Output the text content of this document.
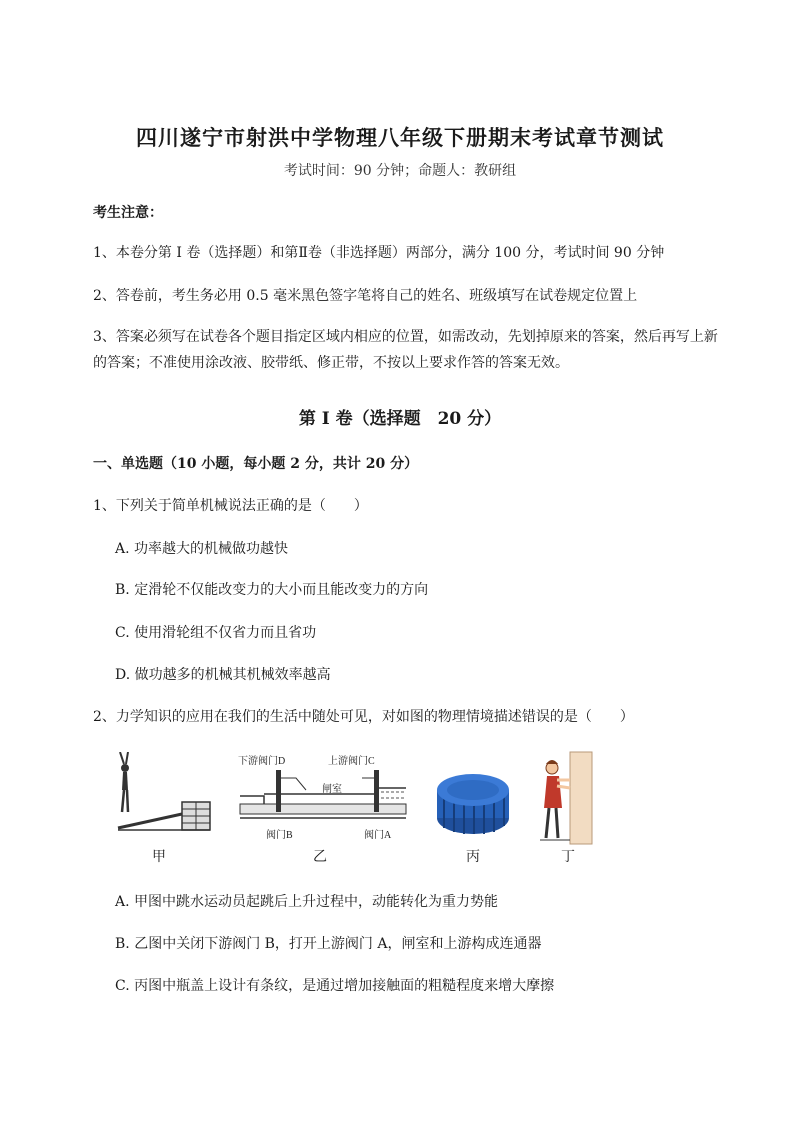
四川遂宁市射洪中学物理八年级下册期末考试章节测试
考试时间：90 分钟；命题人：教研组
考生注意：
1、本卷分第 I 卷（选择题）和第Ⅱ卷（非选择题）两部分，满分 100 分，考试时间 90 分钟
2、答卷前，考生务必用 0.5 毫米黑色签字笔将自己的姓名、班级填写在试卷规定位置上
3、答案必须写在试卷各个题目指定区域内相应的位置，如需改动，先划掉原来的答案，然后再写上新
的答案；不准使用涂改液、胶带纸、修正带，不按以上要求作答的答案无效。
第 I 卷（选择题　20 分）
一、单选题（10 小题，每小题 2 分，共计 20 分）
1、下列关于简单机械说法正确的是（　　）
A. 功率越大的机械做功越快
B. 定滑轮不仅能改变力的大小而且能改变力的方向
C. 使用滑轮组不仅省力而且省功
D. 做功越多的机械其机械效率越高
2、力学知识的应用在我们的生活中随处可见，对如图的物理情境描述错误的是（　　）
甲
下游阀门D	上游阀门C
闸室
阀门B	阀门A
乙	丙	丁
A. 甲图中跳水运动员起跳后上升过程中，动能转化为重力势能
B. 乙图中关闭下游阀门 B，打开上游阀门 A，闸室和上游构成连通器
C. 丙图中瓶盖上设计有条纹，是通过增加接触面的粗糙程度来增大摩擦
